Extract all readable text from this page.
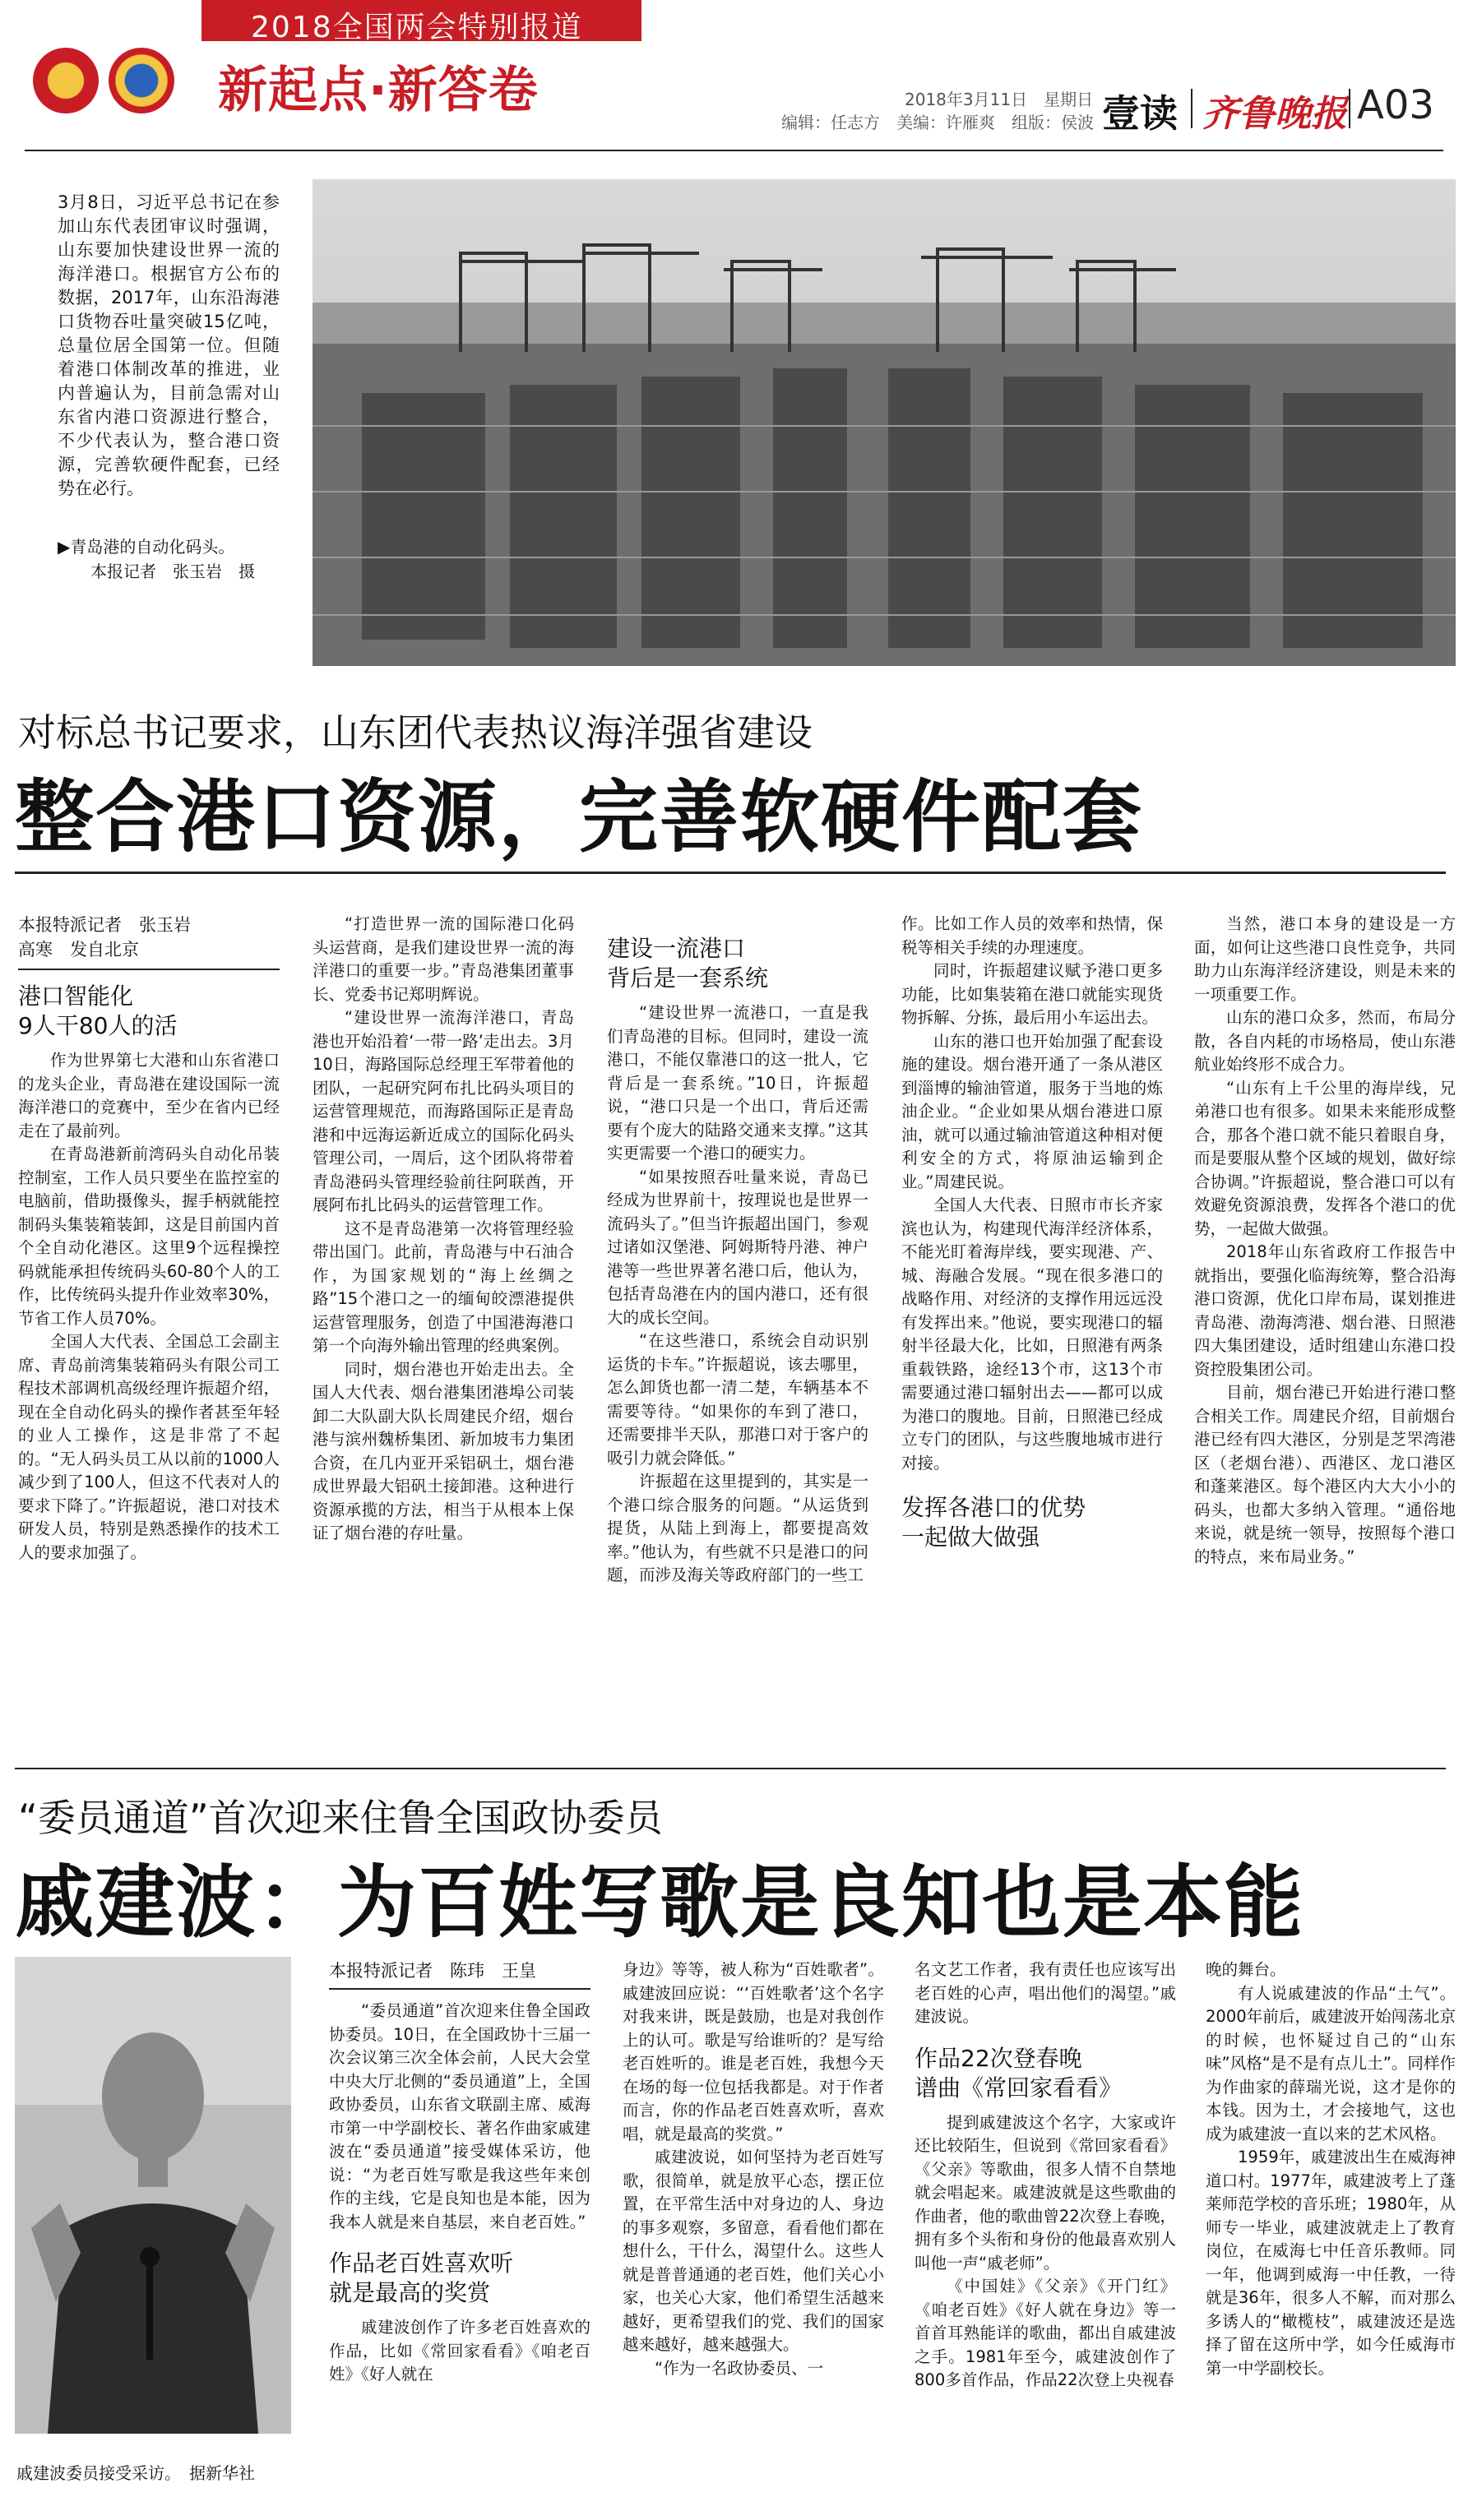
2018全国两会特别报道
新起点·新答卷	2018年3月11日　星期日
编辑：任志方　美编：许雁爽　组版：侯波 壹读 齐鲁晚报 A03
3月8日，习近平总书记在参加山东代表团审议时强调，山东要加快建设世界一流的海洋港口。根据官方公布的数据，2017年，山东沿海港口货物吞吐量突破15亿吨，总量位居全国第一位。但随着港口体制改革的推进，业内普遍认为，目前急需对山东省内港口资源进行整合，不少代表认为，整合港口资源，完善软硬件配套，已经势在必行。
▶青岛港的自动化码头。
本报记者　张玉岩　摄
对标总书记要求，山东团代表热议海洋强省建设
整合港口资源，完善软硬件配套

本报特派记者　张玉岩

高寒　发自北京

港口智能化
9人干80人的活

作为世界第七大港和山东省港口的龙头企业，青岛港在建设国际一流海洋港口的竞赛中，至少在省内已经走在了最前列。

在青岛港新前湾码头自动化吊装控制室，工作人员只要坐在监控室的电脑前，借助摄像头，握手柄就能控制码头集装箱装卸，这是目前国内首个全自动化港区。这里9个远程操控码就能承担传统码头60-80个人的工作，比传统码头提升作业效率30%，节省工作人员70%。

全国人大代表、全国总工会副主席、青岛前湾集装箱码头有限公司工程技术部调机高级经理许振超介绍，现在全自动化码头的操作者甚至年轻的业人工操作，这是非常了不起的。“无人码头员工从以前的1000人减少到了100人，但这不代表对人的要求下降了。”许振超说，港口对技术研发人员，特别是熟悉操作的技术工人的要求加强了。

“打造世界一流的国际港口化码头运营商，是我们建设世界一流的海洋港口的重要一步。”青岛港集团董事长、党委书记郑明辉说。

“建设世界一流海洋港口，青岛港也开始沿着‘一带一路’走出去。3月10日，海路国际总经理王军带着他的团队，一起研究阿布扎比码头项目的运营管理规范，而海路国际正是青岛港和中远海运新近成立的国际化码头管理公司，一周后，这个团队将带着青岛港码头管理经验前往阿联酋，开展阿布扎比码头的运营管理工作。

这不是青岛港第一次将管理经验带出国门。此前，青岛港与中石油合作，为国家规划的“海上丝绸之路”15个港口之一的缅甸皎漂港提供运营管理服务，创造了中国港海港口第一个向海外输出管理的经典案例。

同时，烟台港也开始走出去。全国人大代表、烟台港集团港埠公司装卸二大队副大队长周建民介绍，烟台港与滨州魏桥集团、新加坡韦力集团合资，在几内亚开采铝矾土，烟台港成世界最大铝矾土接卸港。这种进行资源承揽的方法，相当于从根本上保证了烟台港的存吐量。

建设一流港口
背后是一套系统

“建设世界一流港口，一直是我们青岛港的目标。但同时，建设一流港口，不能仅靠港口的这一批人，它背后是一套系统。”10日，许振超说，“港口只是一个出口，背后还需要有个庞大的陆路交通来支撑。”这其实更需要一个港口的硬实力。

“如果按照吞吐量来说，青岛已经成为世界前十，按理说也是世界一流码头了。”但当许振超出国门，参观过诸如汉堡港、阿姆斯特丹港、神户港等一些世界著名港口后，他认为，包括青岛港在内的国内港口，还有很大的成长空间。

“在这些港口，系统会自动识别运货的卡车。”许振超说，该去哪里，怎么卸货也都一清二楚，车辆基本不需要等待。“如果你的车到了港口，还需要排半天队，那港口对于客户的吸引力就会降低。”

许振超在这里提到的，其实是一个港口综合服务的问题。“从运货到提货，从陆上到海上，都要提高效率。”他认为，有些就不只是港口的问题，而涉及海关等政府部门的一些工

作。比如工作人员的效率和热情，保税等相关手续的办理速度。

同时，许振超建议赋予港口更多功能，比如集装箱在港口就能实现货物拆解、分拣，最后用小车运出去。

山东的港口也开始加强了配套设施的建设。烟台港开通了一条从港区到淄博的输油管道，服务于当地的炼油企业。“企业如果从烟台港进口原油，就可以通过输油管道这种相对便利安全的方式，将原油运输到企业。”周建民说。

全国人大代表、日照市市长齐家滨也认为，构建现代海洋经济体系，不能光盯着海岸线，要实现港、产、城、海融合发展。“现在很多港口的战略作用、对经济的支撑作用远远没有发挥出来。”他说，要实现港口的辐射半径最大化，比如，日照港有两条重载铁路，途经13个市，这13个市需要通过港口辐射出去——都可以成为港口的腹地。目前，日照港已经成立专门的团队，与这些腹地城市进行对接。

发挥各港口的优势
一起做大做强

当然，港口本身的建设是一方面，如何让这些港口良性竞争，共同助力山东海洋经济建设，则是未来的一项重要工作。

山东的港口众多，然而，布局分散，各自内耗的市场格局，使山东港航业始终形不成合力。

“山东有上千公里的海岸线，兄弟港口也有很多。如果未来能形成整合，那各个港口就不能只着眼自身，而是要服从整个区域的规划，做好综合协调。”许振超说，整合港口可以有效避免资源浪费，发挥各个港口的优势，一起做大做强。

2018年山东省政府工作报告中就指出，要强化临海统筹，整合沿海港口资源，优化口岸布局，谋划推进青岛港、渤海湾港、烟台港、日照港四大集团建设，适时组建山东港口投资控股集团公司。

目前，烟台港已开始进行港口整合相关工作。周建民介绍，目前烟台港已经有四大港区，分别是芝罘湾港区（老烟台港）、西港区、龙口港区和蓬莱港区。每个港区内大大小小的码头，也都大多纳入管理。“通俗地来说，就是统一领导，按照每个港口的特点，来布局业务。”

“委员通道”首次迎来住鲁全国政协委员
戚建波：为百姓写歌是良知也是本能
戚建波委员接受采访。　据新华社

本报特派记者　陈玮　王皇

“委员通道”首次迎来住鲁全国政协委员。10日，在全国政协十三届一次会议第三次全体会前，人民大会堂中央大厅北侧的“委员通道”上，全国政协委员，山东省文联副主席、威海市第一中学副校长、著名作曲家戚建波在“委员通道”接受媒体采访，他说：“为老百姓写歌是我这些年来创作的主线，它是良知也是本能，因为我本人就是来自基层，来自老百姓。”

作品老百姓喜欢听
就是最高的奖赏

戚建波创作了许多老百姓喜欢的作品，比如《常回家看看》《咱老百姓》《好人就在

身边》等等，被人称为“百姓歌者”。戚建波回应说：“‘百姓歌者’这个名字对我来讲，既是鼓励，也是对我创作上的认可。歌是写给谁听的？是写给老百姓听的。谁是老百姓，我想今天在场的每一位包括我都是。对于作者而言，你的作品老百姓喜欢听，喜欢唱，就是最高的奖赏。”

戚建波说，如何坚持为老百姓写歌，很简单，就是放平心态，摆正位置，在平常生活中对身边的人、身边的事多观察，多留意，看看他们都在想什么，干什么，渴望什么。这些人就是普普通通的老百姓，他们关心小家，也关心大家，他们希望生活越来越好，更希望我们的党、我们的国家越来越好，越来越强大。

“作为一名政协委员、一

名文艺工作者，我有责任也应该写出老百姓的心声，唱出他们的渴望。”戚建波说。

作品22次登春晚
谱曲《常回家看看》

提到戚建波这个名字，大家或许还比较陌生，但说到《常回家看看》《父亲》等歌曲，很多人情不自禁地就会唱起来。戚建波就是这些歌曲的作曲者，他的歌曲曾22次登上春晚，拥有多个头衔和身份的他最喜欢别人叫他一声“戚老师”。

《中国娃》《父亲》《开门红》《咱老百姓》《好人就在身边》等一首首耳熟能详的歌曲，都出自戚建波之手。1981年至今，戚建波创作了800多首作品，作品22次登上央视春

晚的舞台。

有人说戚建波的作品“土气”。2000年前后，戚建波开始闯荡北京的时候，也怀疑过自己的“山东味”风格“是不是有点儿土”。同样作为作曲家的薛瑞光说，这才是你的本钱。因为土，才会接地气，这也成为戚建波一直以来的艺术风格。

1959年，戚建波出生在威海神道口村。1977年，戚建波考上了蓬莱师范学校的音乐班；1980年，从师专一毕业，戚建波就走上了教育岗位，在威海七中任音乐教师。同一年，他调到威海一中任教，一待就是36年，很多人不解，而对那么多诱人的“橄榄枝”，戚建波还是选择了留在这所中学，如今任威海市第一中学副校长。
